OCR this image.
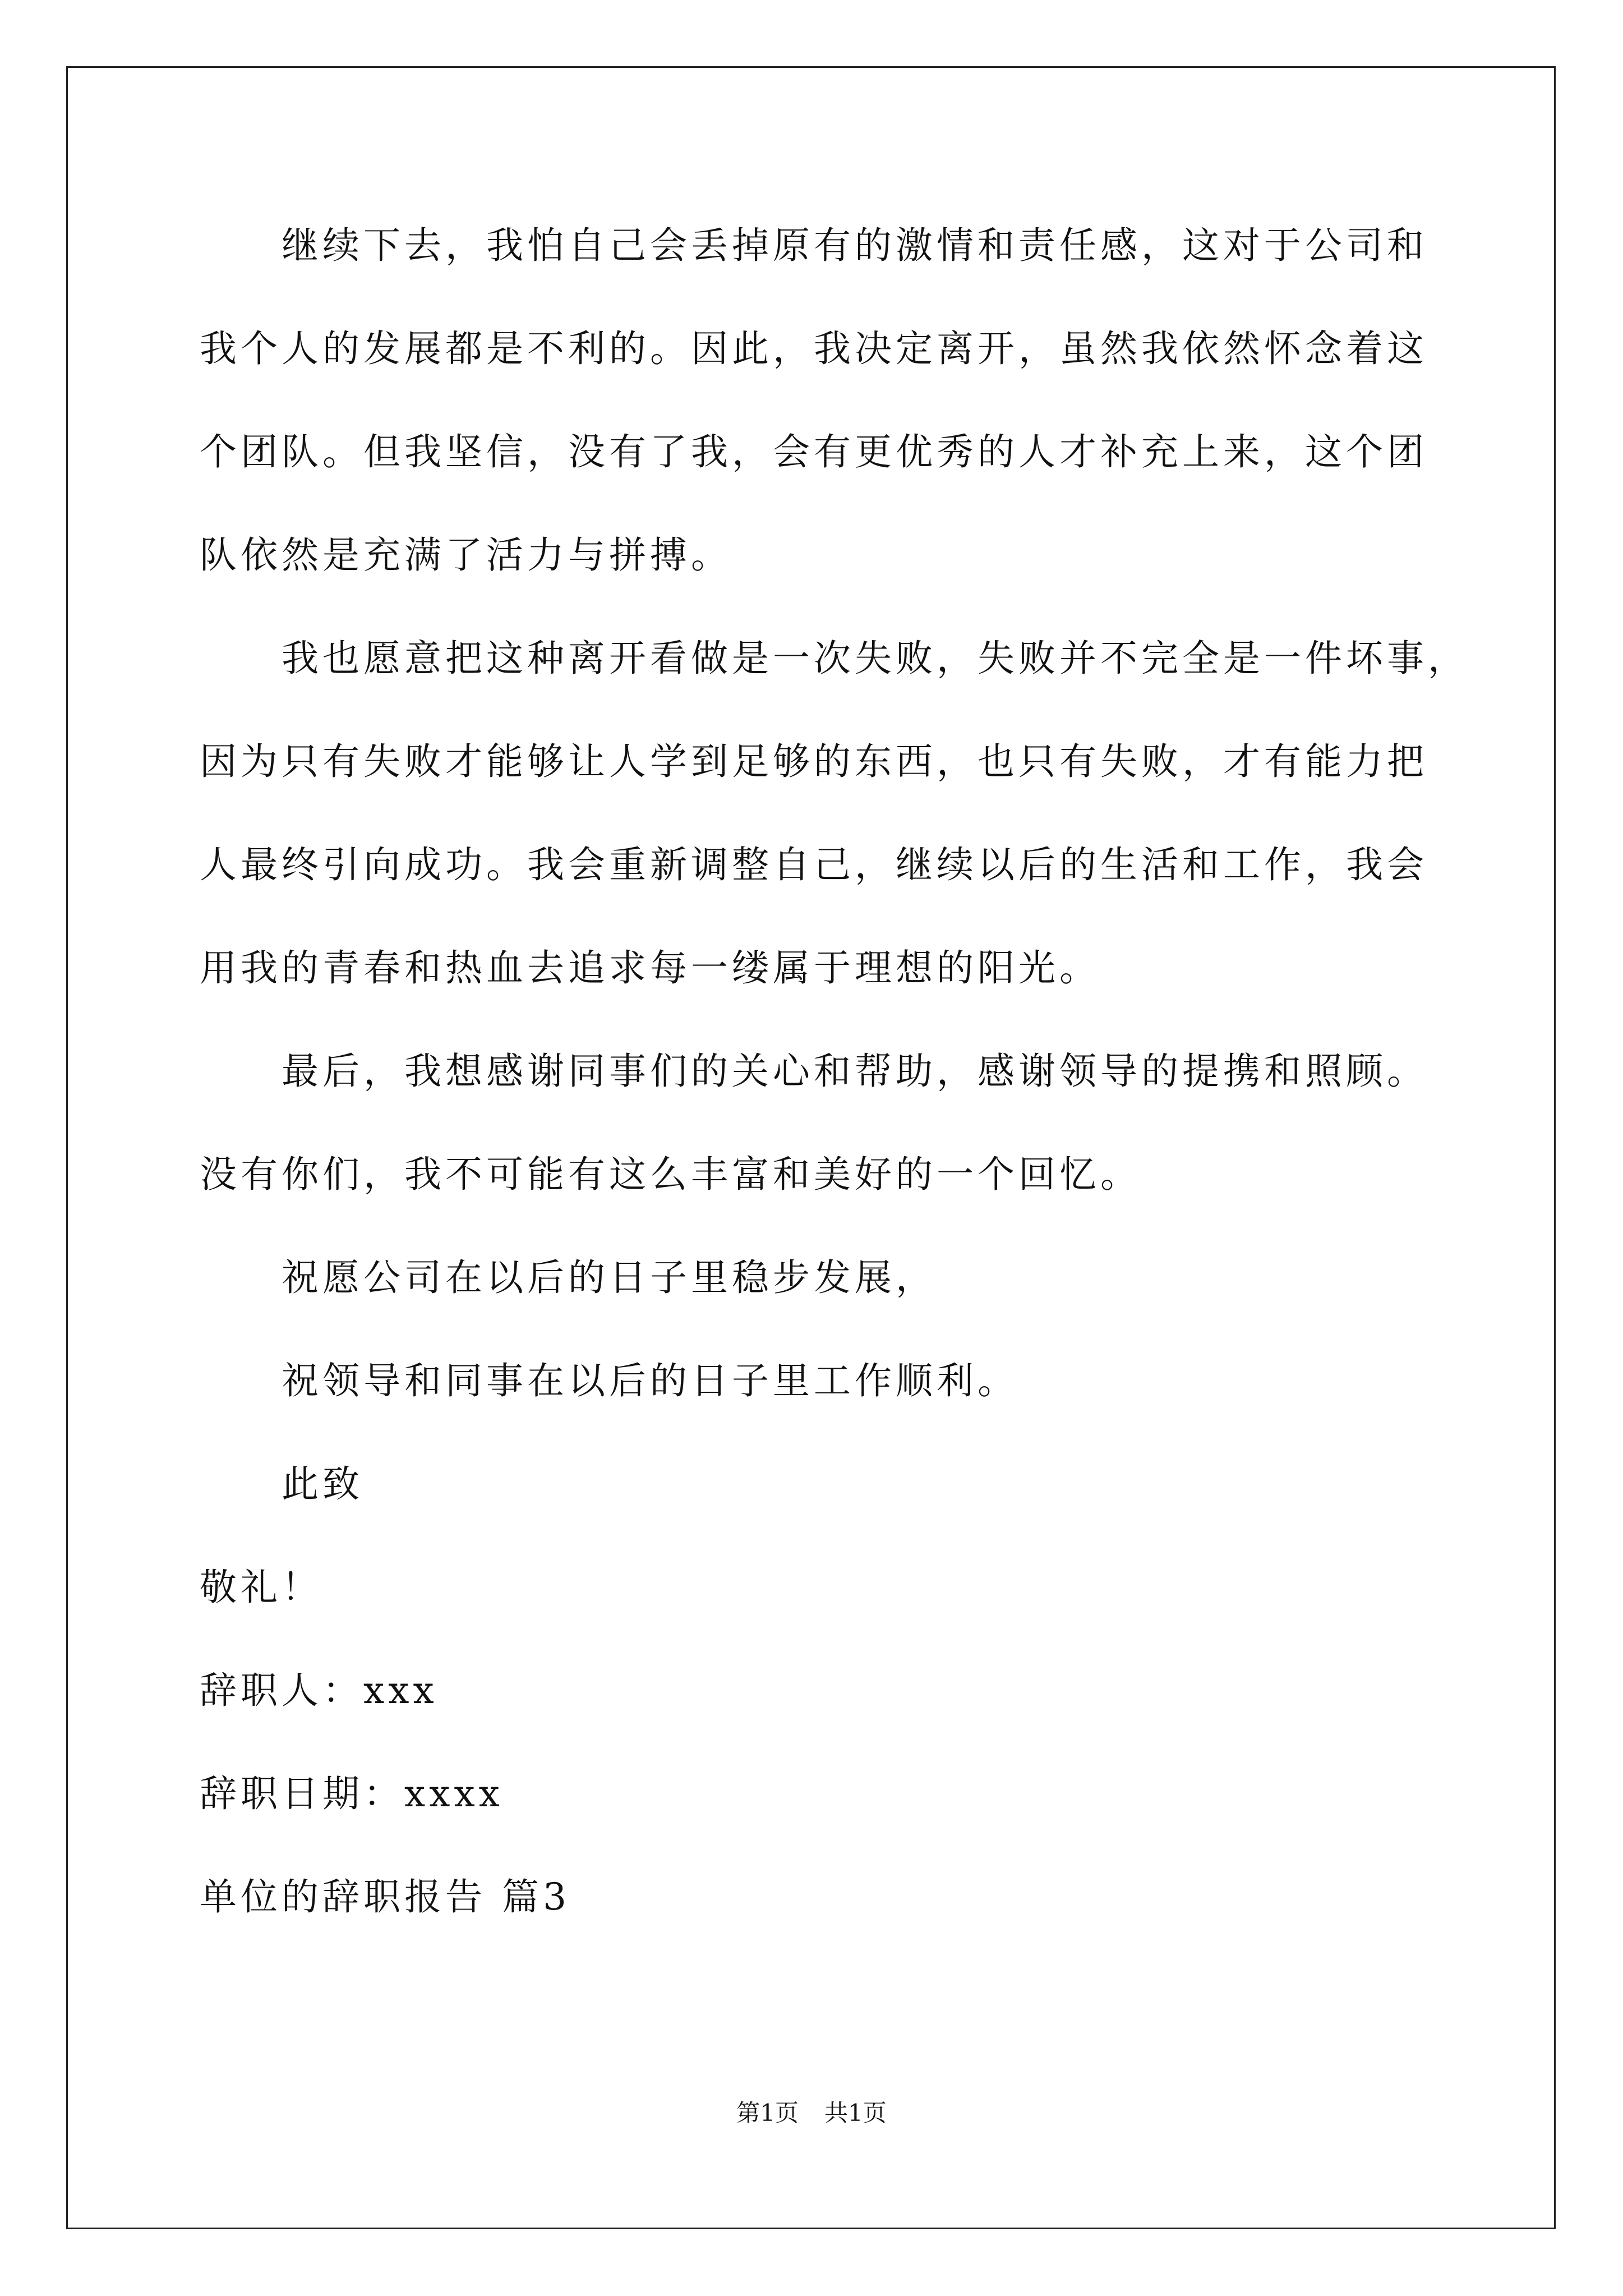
继续下去，我怕自己会丢掉原有的激情和责任感，这对于公司和
我个人的发展都是不利的。因此，我决定离开，虽然我依然怀念着这
个团队。但我坚信，没有了我，会有更优秀的人才补充上来，这个团
队依然是充满了活力与拼搏。
我也愿意把这种离开看做是一次失败，失败并不完全是一件坏事，
因为只有失败才能够让人学到足够的东西，也只有失败，才有能力把
人最终引向成功。我会重新调整自己，继续以后的生活和工作，我会
用我的青春和热血去追求每一缕属于理想的阳光。
最后，我想感谢同事们的关心和帮助，感谢领导的提携和照顾。
没有你们，我不可能有这么丰富和美好的一个回忆。
祝愿公司在以后的日子里稳步发展，
祝领导和同事在以后的日子里工作顺利。
此致
敬礼！
辞职人：xxx
辞职日期：xxxx
单位的辞职报告 篇3
第1页 共1页
